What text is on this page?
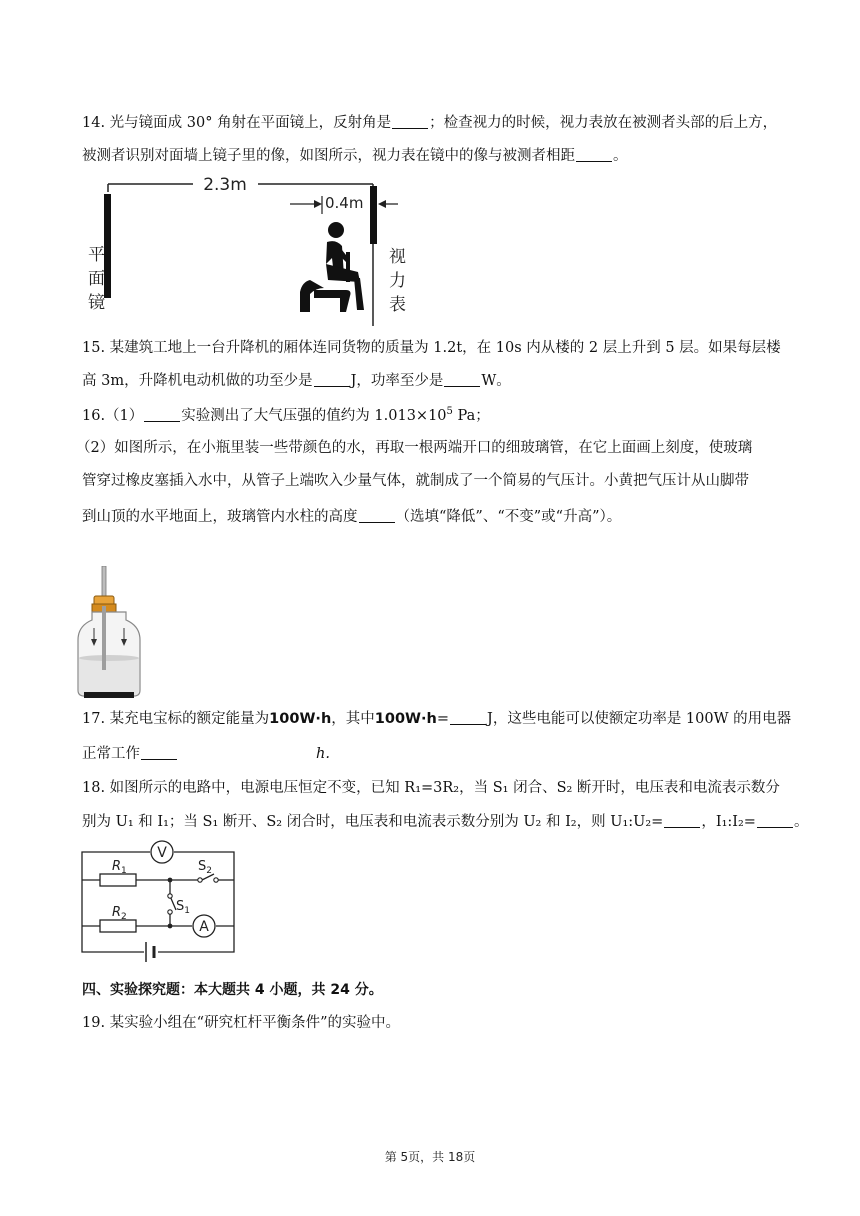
14. 光与镜面成 30° 角射在平面镜上，反射角是	；检查视力的时候，视力表放在被测者头部的后上方，
被测者识别对面墙上镜子里的像，如图所示，视力表在镜中的像与被测者相距	。
2.3m
平
面
镜
视
力
表
0.4m
15. 某建筑工地上一台升降机的厢体连同货物的质量为 1.2t，在 10s 内从楼的 2 层上升到 5 层。如果每层楼
高 3m，升降机电动机做的功至少是	J，功率至少是	W。
16.（1）	实验测出了大气压强的值约为 $1.013\times 10^5$ Pa；
（2）如图所示，在小瓶里装一些带颜色的水，再取一根两端开口的细玻璃管，在它上面画上刻度，使玻璃
管穿过橡皮塞插入水中，从管子上端吹入少量气体，就制成了一个简易的气压计。小黄把气压计从山脚带
到山顶的水平地面上，玻璃管内水柱的高度	（选填“降低”、“不变”或“升高”）。
17. 某充电宝标的额定能量为100W·h，其中100W·h=	J，这些电能可以使额定功率是 100W 的用电器
正常工作	h.
18. 如图所示的电路中，电源电压恒定不变，已知 R₁=3R₂，当 S₁ 闭合、S₂ 断开时，电压表和电流表示数分
别为 U₁ 和 I₁；当 S₁ 断开、S₂ 闭合时，电压表和电流表示数分别为 U₂ 和 I₂，则 U₁:U₂=	，I₁:I₂=	。
V
A
$R_1$
$R_2$
$S_2$
$S_1$
四、实验探究题：本大题共 4 小题，共 24 分。
19. 某实验小组在“研究杠杆平衡条件”的实验中。
第 5页，共 18页
